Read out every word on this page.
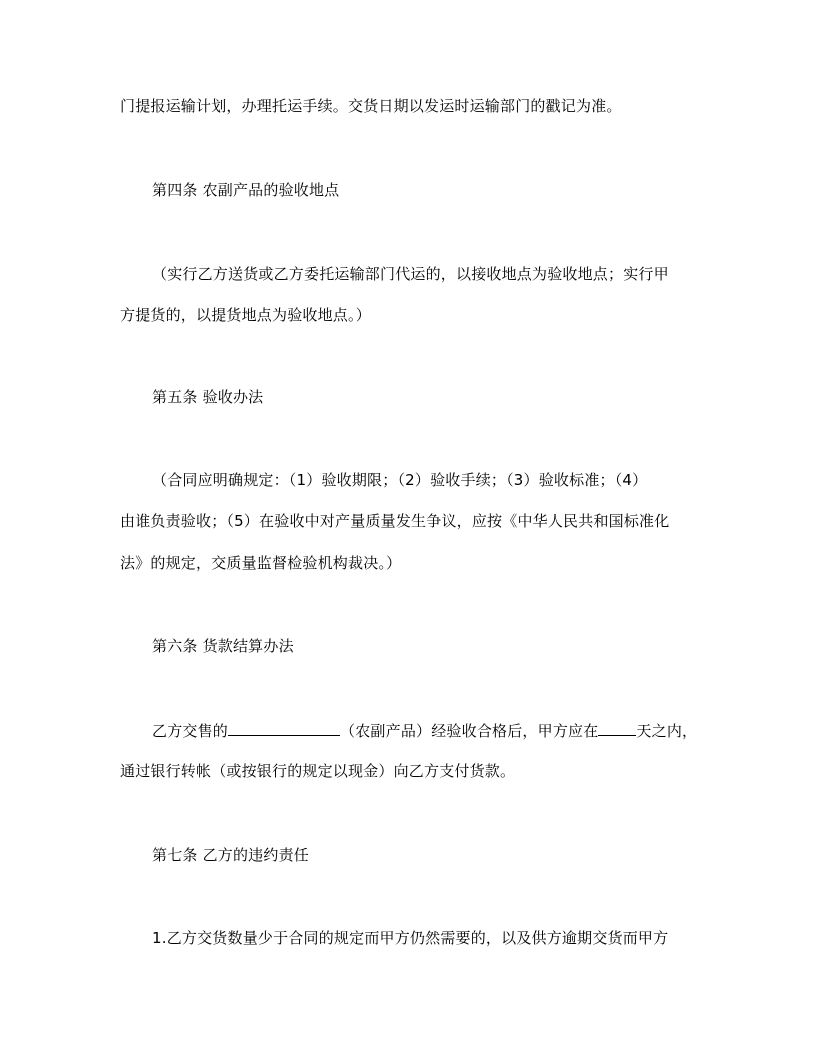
门提报运输计划，办理托运手续。交货日期以发运时运输部门的戳记为准。
第四条 农副产品的验收地点
（实行乙方送货或乙方委托运输部门代运的，以接收地点为验收地点；实行甲
方提货的，以提货地点为验收地点。）
第五条 验收办法
（合同应明确规定：（1）验收期限；（2）验收手续；（3）验收标准；（4）
由谁负责验收；（5）在验收中对产量质量发生争议，应按《中华人民共和国标准化
法》的规定，交质量监督检验机构裁决。）
第六条 货款结算办法
乙方交售的	（农副产品）经验收合格后，甲方应在	天之内，
通过银行转帐（或按银行的规定以现金）向乙方支付货款。
第七条 乙方的违约责任
1.乙方交货数量少于合同的规定而甲方仍然需要的，以及供方逾期交货而甲方
